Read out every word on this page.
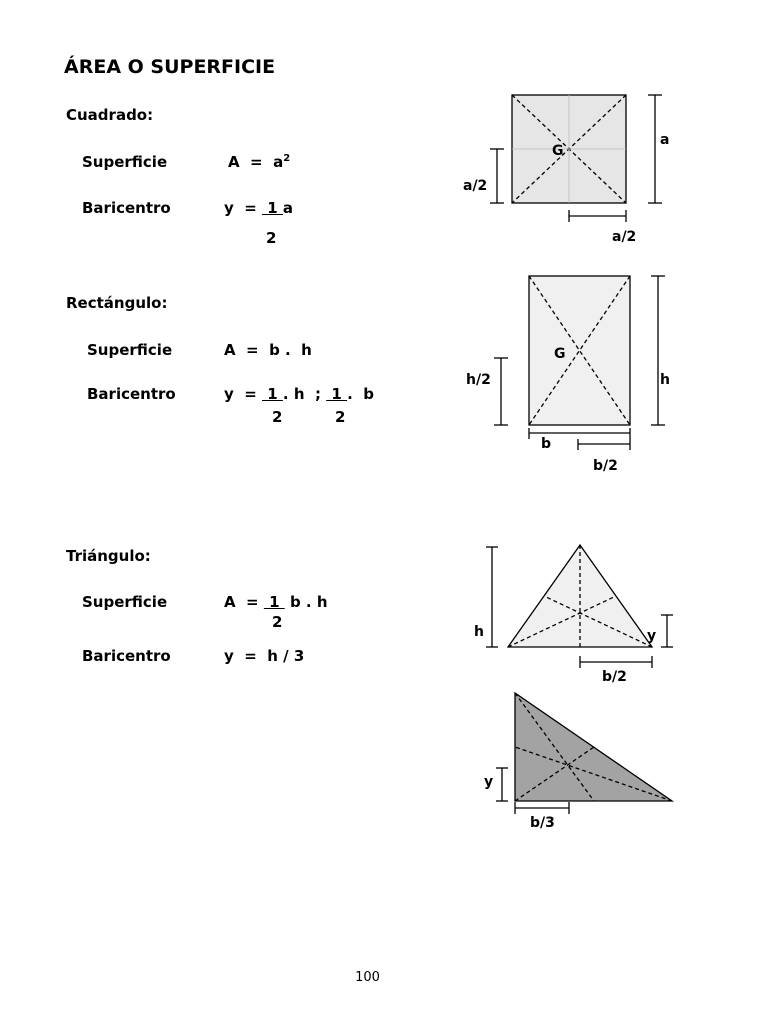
ÁREA O SUPERFICIE
Cuadrado:
Superficie	$A = a^2$
Baricentro	y  =  1 a
2
Rectángulo:
Superficie	A  =  b .  h
Baricentro	y  =  1 . h  ;  1 .  b
2	2
Triángulo:
Superficie	A  =  1  b . h
2
Baricentro	y  =  h / 3
G
a
a/2
a/2
G
h/2	h
b
b/2
h	y
b/2
y
b/3
100
